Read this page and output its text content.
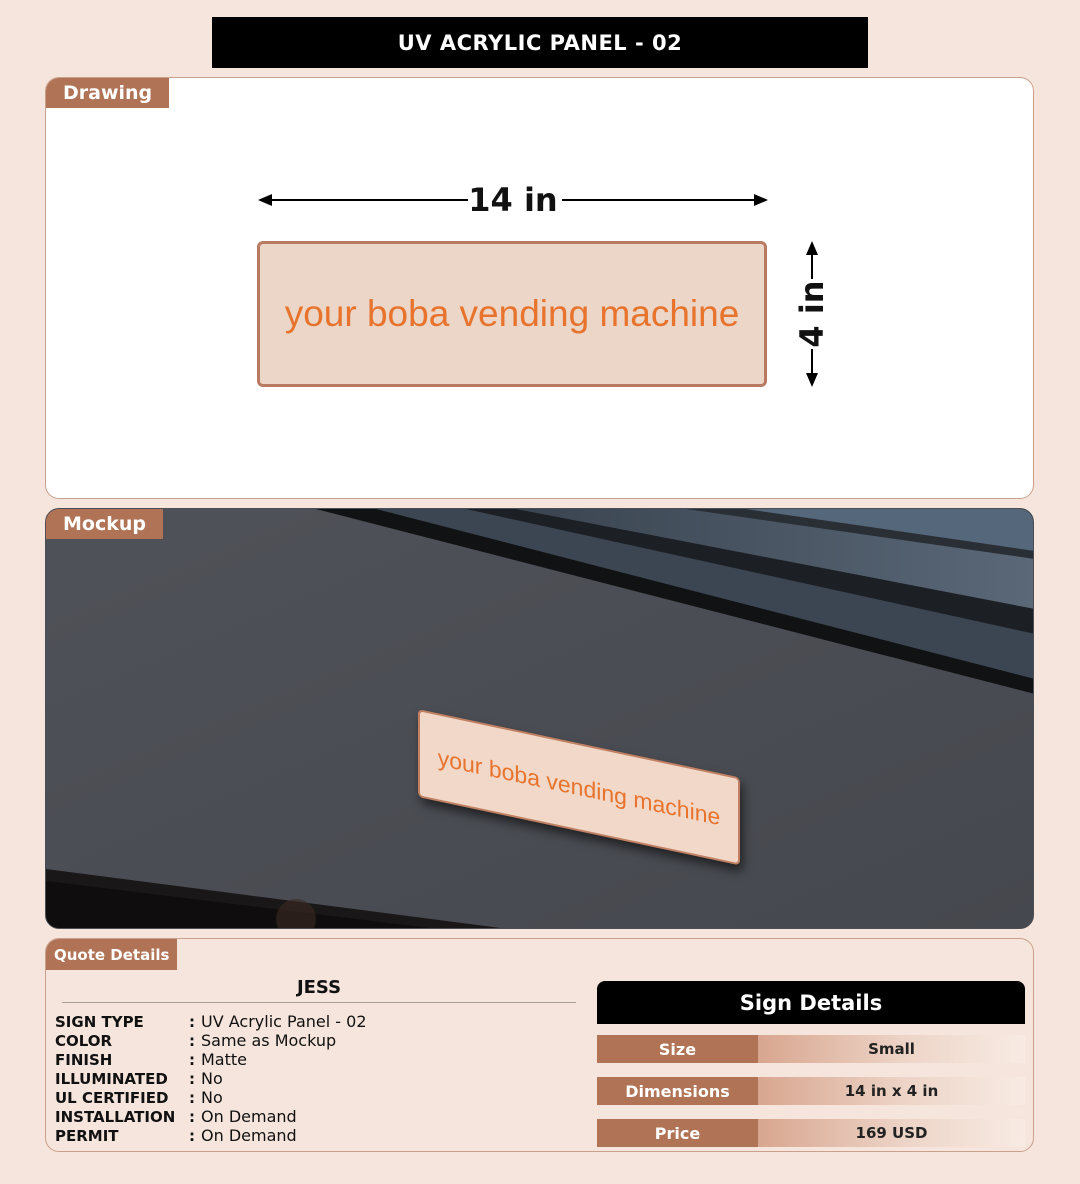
UV ACRYLIC PANEL - 02
Drawing
14 in
your boba vending machine 4 in
Mockup
your boba vending machine
Quote Details
JESS
SIGN TYPE	: UV Acrylic Panel - 02
COLOR	: Same as Mockup
FINISH	: Matte
ILLUMINATED	: No
UL CERTIFIED	: No
INSTALLATION : On Demand
PERMIT	: On Demand
Sign Details
Size	Small
Dimensions	14 in x 4 in
Price	169 USD
